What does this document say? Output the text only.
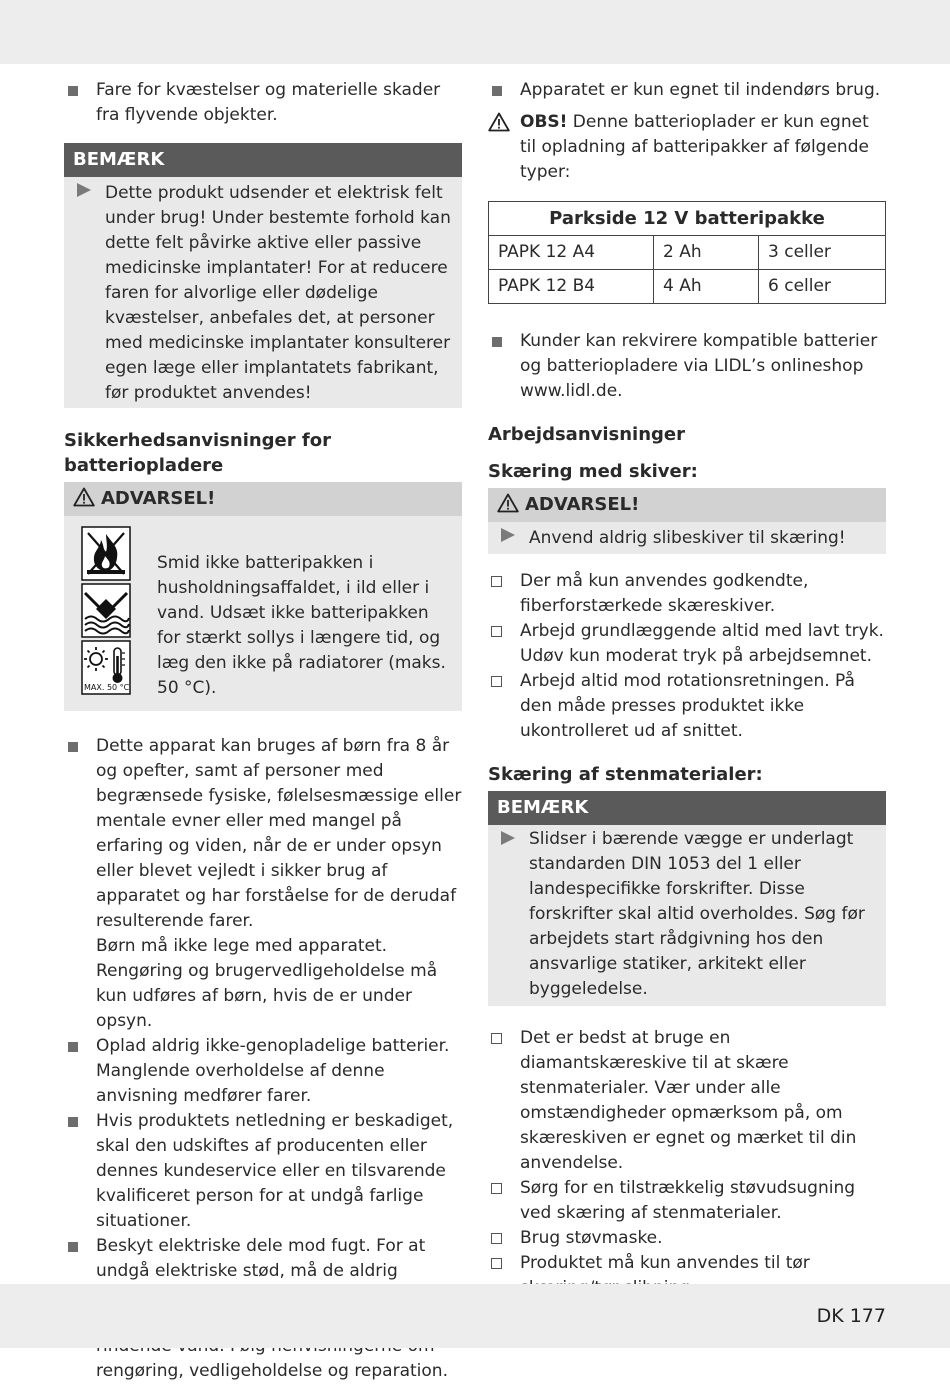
Fare for kvæstelser og materielle skader fra flyvende objekter.
BEMÆRK
Dette produkt udsender et elektrisk felt under brug! Under bestemte forhold kan dette felt påvirke aktive eller passive medicinske implantater! For at reducere faren for alvorlige eller dødelige kvæstelser, anbefales det, at personer med medicinske implantater konsulterer egen læge eller implantatets fabrikant, før produktet anvendes!
Sikkerhedsanvisninger for batteriopladere
ADVARSEL!
MAX. 50 °C
Smid ikke batteripakken i husholdningsaffaldet, i ild eller i vand. Udsæt ikke batteripakken for stærkt sollys i længere tid, og læg den ikke på radiatorer (maks. 50 °C).
Dette apparat kan bruges af børn fra 8 år og opefter, samt af personer med begrænsede fysiske, følelsesmæssige eller mentale evner eller med mangel på erfaring og viden, når de er under opsyn eller blevet vejledt i sikker brug af apparatet og har forståelse for de derudaf resulterende farer.
Børn må ikke lege med apparatet.
Rengøring og brugervedligeholdelse må kun udføres af børn, hvis de er under opsyn.
Oplad aldrig ikke-genopladelige batterier. Manglende overholdelse af denne anvisning medfører farer.
Hvis produktets netledning er beskadiget, skal den udskiftes af producenten eller dennes kundeservice eller en tilsvarende kvalificeret person for at undgå farlige situationer.
Beskyt elektriske dele mod fugt. For at undgå elektriske stød, må de aldrig rengøring, vedligeholdelse og reparation.
Apparatet er kun egnet til indendørs brug.
OBS! Denne batterioplader er kun egnet til opladning af batteripakker af følgende typer:
Parkside 12 V batteripakke		
PAPK 12 A4	2 Ah	3 celler
PAPK 12 B4	4 Ah	6 celler
Kunder kan rekvirere kompatible batterier og batteriopladere via LIDL’s onlineshop www.lidl.de.
Arbejdsanvisninger
Skæring med skiver:
ADVARSEL!
Anvend aldrig slibeskiver til skæring!
Der må kun anvendes godkendte, fiberforstærkede skæreskiver.
Arbejd grundlæggende altid med lavt tryk. Udøv kun moderat tryk på arbejdsemnet.
Arbejd altid mod rotationsretningen. På den måde presses produktet ikke ukontrolleret ud af snittet.
Skæring af stenmaterialer:
BEMÆRK
Slidser i bærende vægge er underlagt standarden DIN 1053 del 1 eller landespecifikke forskrifter. Disse forskrifter skal altid overholdes. Søg før arbejdets start rådgivning hos den ansvarlige statiker, arkitekt eller byggeledelse.
Det er bedst at bruge en diamantskæreskive til at skære stenmaterialer. Vær under alle omstændigheder opmærksom på, om skæreskiven er egnet og mærket til din anvendelse.
Sørg for en tilstrækkelig støvudsugning ved skæring af stenmaterialer.
Brug støvmaske.
Produktet må kun anvendes til tør
DK 177
